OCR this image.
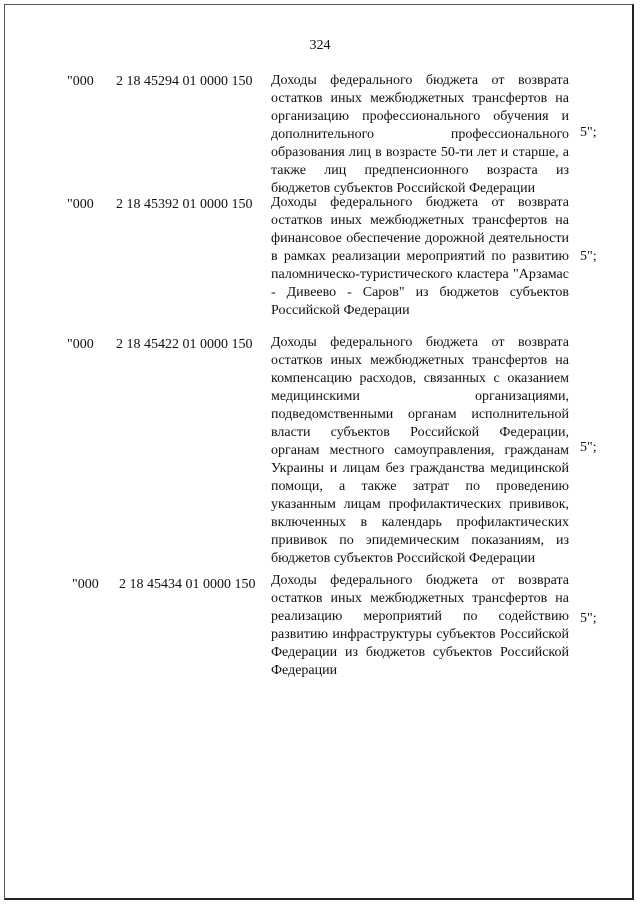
324
"000 2 18 45294 01 0000 150 Доходы федерального бюджета от возврата остатков иных межбюджетных трансфертов на организацию профессионального обучения и дополнительного профессионального образования лиц в возрасте 50-ти лет и старше, а также лиц предпенсионного возраста из бюджетов субъектов Российской Федерации
5";
"000 2 18 45392 01 0000 150 Доходы федерального бюджета от возврата остатков иных межбюджетных трансфертов на финансовое обеспечение дорожной деятельности в рамках реализации мероприятий по развитию паломническо-туристического кластера "Арзамас - Дивеево - Саров" из бюджетов субъектов Российской Федерации
5";
"000 2 18 45422 01 0000 150 Доходы федерального бюджета от возврата остатков иных межбюджетных трансфертов на компенсацию расходов, связанных с оказанием медицинскими организациями, подведомственными органам исполнительной власти субъектов Российской Федерации, органам местного самоуправления, гражданам Украины и лицам без гражданства медицинской помощи, а также затрат по проведению указанным лицам профилактических прививок, включенных в календарь профилактических прививок по эпидемическим показаниям, из бюджетов субъектов Российской Федерации
5";
"000 2 18 45434 01 0000 150 Доходы федерального бюджета от возврата остатков иных межбюджетных трансфертов на реализацию мероприятий по содействию развитию инфраструктуры субъектов Российской Федерации из бюджетов субъектов Российской Федерации
5";
